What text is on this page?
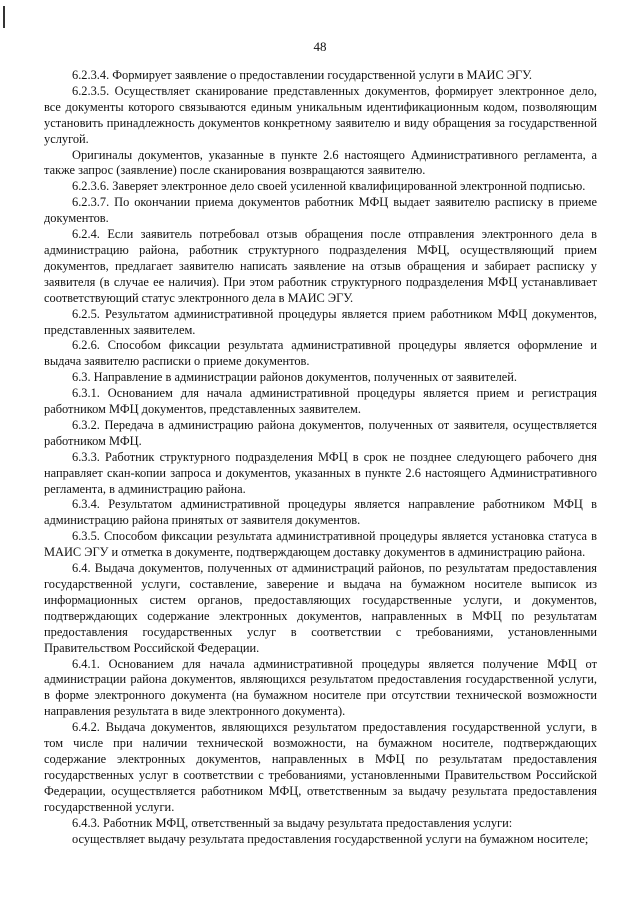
48

6.2.3.4. Формирует заявление о предоставлении государственной услуги в МАИС ЭГУ.

6.2.3.5. Осуществляет сканирование представленных документов, формирует электронное дело, все документы которого связываются единым уникальным идентификационным кодом, позволяющим установить принадлежность документов конкретному заявителю и виду обращения за государственной услугой.

Оригиналы документов, указанные в пункте 2.6 настоящего Административного регламента, а также запрос (заявление) после сканирования возвращаются заявителю.

6.2.3.6. Заверяет электронное дело своей усиленной квалифицированной электронной подписью.

6.2.3.7. По окончании приема документов работник МФЦ выдает заявителю расписку в приеме документов.

6.2.4. Если заявитель потребовал отзыв обращения после отправления электронного дела в администрацию района, работник структурного подразделения МФЦ, осуществляющий прием документов, предлагает заявителю написать заявление на отзыв обращения и забирает расписку у заявителя (в случае ее наличия). При этом работник структурного подразделения МФЦ устанавливает соответствующий статус электронного дела в МАИС ЭГУ.

6.2.5. Результатом административной процедуры является прием работником МФЦ документов, представленных заявителем.

6.2.6. Способом фиксации результата административной процедуры является оформление и выдача заявителю расписки о приеме документов.

6.3. Направление в администрации районов документов, полученных от заявителей.

6.3.1. Основанием для начала административной процедуры является прием и регистрация работником МФЦ документов, представленных заявителем.

6.3.2. Передача в администрацию района документов, полученных от заявителя, осуществляется работником МФЦ.

6.3.3. Работник структурного подразделения МФЦ в срок не позднее следующего рабочего дня направляет скан-копии запроса и документов, указанных в пункте 2.6 настоящего Административного регламента, в администрацию района.

6.3.4. Результатом административной процедуры является направление работником МФЦ в администрацию района принятых от заявителя документов.

6.3.5. Способом фиксации результата административной процедуры является установка статуса в МАИС ЭГУ и отметка в документе, подтверждающем доставку документов в администрацию района.

6.4. Выдача документов, полученных от администраций районов, по результатам предоставления государственной услуги, составление, заверение и выдача на бумажном носителе выписок из информационных систем органов, предоставляющих государственные услуги, и документов, подтверждающих содержание электронных документов, направленных в МФЦ по результатам предоставления государственных услуг в соответствии с требованиями, установленными Правительством Российской Федерации.

6.4.1. Основанием для начала административной процедуры является получение МФЦ от администрации района документов, являющихся результатом предоставления государственной услуги, в форме электронного документа (на бумажном носителе при отсутствии технической возможности направления результата в виде электронного документа).

6.4.2. Выдача документов, являющихся результатом предоставления государственной услуги, в том числе при наличии технической возможности, на бумажном носителе, подтверждающих содержание электронных документов, направленных в МФЦ по результатам предоставления государственных услуг в соответствии с требованиями, установленными Правительством Российской Федерации, осуществляется работником МФЦ, ответственным за выдачу результата предоставления государственной услуги.

6.4.3. Работник МФЦ, ответственный за выдачу результата предоставления услуги:

осуществляет выдачу результата предоставления государственной услуги на бумажном носителе;
